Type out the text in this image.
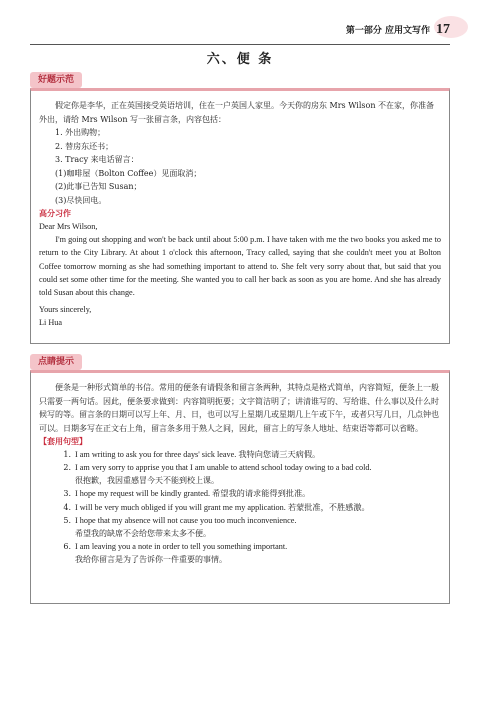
第一部分 应用文写作 17
六、便 条
好题示范

假定你是李华，正在英国接受英语培训，住在一户英国人家里。今天你的房东 Mrs Wilson 不在家，你准备外出，请给 Mrs Wilson 写一张留言条，内容包括：

1. 外出购物；

2. 替房东还书；

3. Tracy 来电话留言：

(1)咖啡屋（Bolton Coffee）见面取消；

(2)此事已告知 Susan；

(3)尽快回电。

高分习作

Dear Mrs Wilson,

I'm going out shopping and won't be back until about 5:00 p.m. I have taken with me the two books you asked me to return to the City Library. At about 1 o'clock this afternoon, Tracy called, saying that she couldn't meet you at Bolton Coffee tomorrow morning as she had something important to attend to. She felt very sorry about that, but said that you could set some other time for the meeting. She wanted you to call her back as soon as you are home. And she has already told Susan about this change.

Yours sincerely,

Li Hua

点睛提示

便条是一种形式简单的书信。常用的便条有请假条和留言条两种，其特点是格式简单，内容简短，便条上一般只需要一两句话。因此，便条要求做到：内容简明扼要；文字简洁明了；讲清谁写的、写给谁、什么事以及什么时候写的等。留言条的日期可以写上年、月、日，也可以写上星期几或星期几上午或下午，或者只写几日，几点钟也可以。日期多写在正文右上角，留言条多用于熟人之间，因此，留言上的写条人地址、结束语等都可以省略。

【套用句型】
1. I am writing to ask you for three days' sick leave. 我特向您请三天病假。
2. I am very sorry to apprise you that I am unable to attend school today owing to a bad cold.
很抱歉，我因重感冒今天不能到校上课。
3. I hope my request will be kindly granted. 希望我的请求能得到批准。
4. I will be very much obliged if you will grant me my application. 若蒙批准，不胜感激。
5. I hope that my absence will not cause you too much inconvenience.
希望我的缺席不会给您带来太多不便。
6. I am leaving you a note in order to tell you something important.
我给你留言是为了告诉你一件重要的事情。
